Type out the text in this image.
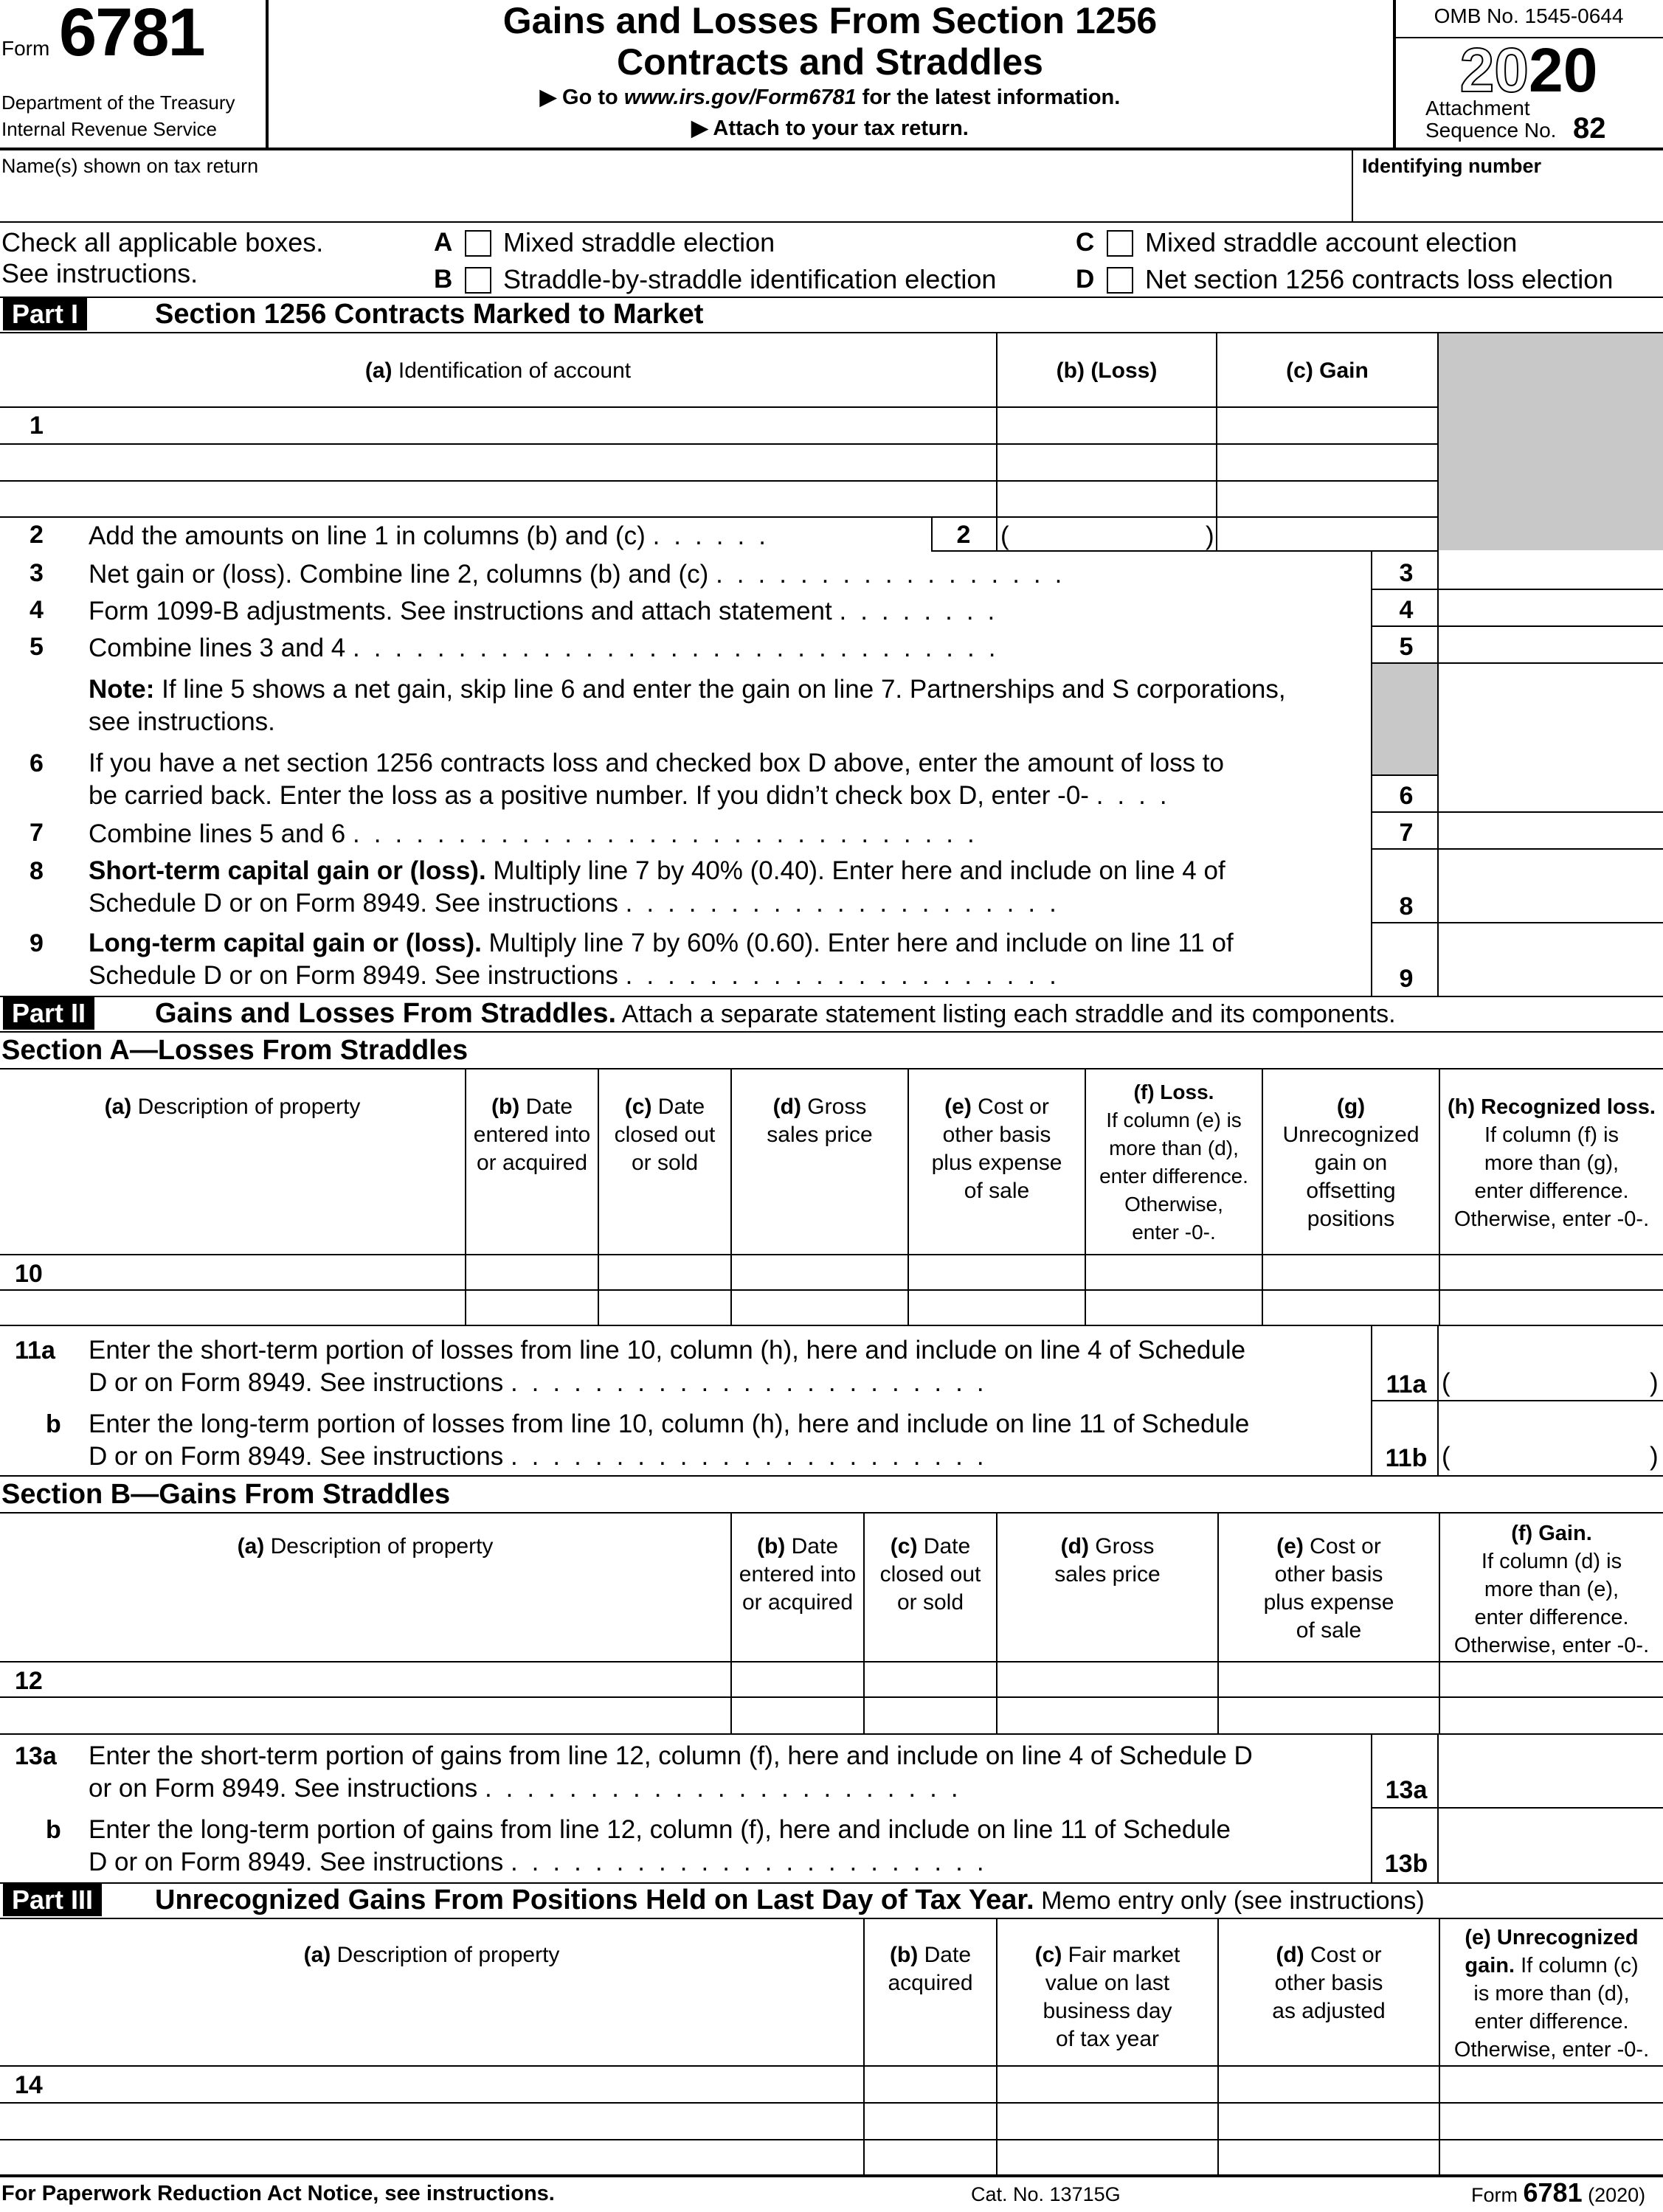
Form 6781
Department of the Treasury
Internal Revenue Service
Gains and Losses From Section 1256
Contracts and Straddles
▶ Go to www.irs.gov/Form6781 for the latest information.
▶ Attach to your tax return.
OMB No. 1545-0644
2020
Attachment
Sequence No. 82
Name(s) shown on tax return	Identifying number
Check all applicable boxes.
See instructions.
A Mixed straddle election
B Straddle-by-straddle identification election
C Mixed straddle account election
D Net section 1256 contracts loss election
Part I	Section 1256 Contracts Marked to Market
(a) Identification of account	(b) (Loss)	(c) Gain
1
2 Add the amounts on line 1 in columns (b) and (c) ......	2	(	)
3 Net gain or (loss). Combine line 2, columns (b) and (c) .................	3
4 Form 1099-B adjustments. See instructions and attach statement ........	4
5 Combine lines 3 and 4 ...............................	5
Note: If line 5 shows a net gain, skip line 6 and enter the gain on line 7. Partnerships and S corporations,
see instructions.
6 If you have a net section 1256 contracts loss and checked box D above, enter the amount of loss to
be carried back. Enter the loss as a positive number. If you didn’t check box D, enter -0- ....	6
7 Combine lines 5 and 6 ..............................	7
8 Short-term capital gain or (loss). Multiply line 7 by 40% (0.40). Enter here and include on line 4 of
Schedule D or on Form 8949. See instructions .....................	8
9 Long-term capital gain or (loss). Multiply line 7 by 60% (0.60). Enter here and include on line 11 of
Schedule D or on Form 8949. See instructions .....................	9
Part II	Gains and Losses From Straddles. Attach a separate statement listing each straddle and its components.
Section A—Losses From Straddles
(a) Description of property	(b) Date
entered into
or acquired
(c) Date
closed out
or sold
(d) Gross
sales price
(e) Cost or
other basis
plus expense
of sale
(f) Loss.
If column (e) is
more than (d),
enter difference.
Otherwise,
enter -0-.
(g)
Unrecognized
gain on
offsetting
positions
(h) Recognized loss.
If column (f) is
more than (g),
enter difference.
Otherwise, enter -0-.
10
11a Enter the short-term portion of losses from line 10, column (h), here and include on line 4 of Schedule
D or on Form 8949. See instructions .......................	11a (	)
b Enter the long-term portion of losses from line 10, column (h), here and include on line 11 of Schedule
D or on Form 8949. See instructions .......................	11b (	)
Section B—Gains From Straddles
(a) Description of property	(b) Date
entered into
or acquired
(c) Date
closed out
or sold
(d) Gross
sales price
(e) Cost or
other basis
plus expense
of sale
(f) Gain.
If column (d) is
more than (e),
enter difference.
Otherwise, enter -0-.
12
13a Enter the short-term portion of gains from line 12, column (f), here and include on line 4 of Schedule D
or on Form 8949. See instructions .......................	13a
b Enter the long-term portion of gains from line 12, column (f), here and include on line 11 of Schedule
D or on Form 8949. See instructions .......................	13b
Part III	Unrecognized Gains From Positions Held on Last Day of Tax Year. Memo entry only (see instructions)
(a) Description of property	(b) Date
acquired
(c) Fair market
value on last
business day
of tax year
(d) Cost or
other basis
as adjusted
(e) Unrecognized
gain. If column (c)
is more than (d),
enter difference.
Otherwise, enter -0-.
14
For Paperwork Reduction Act Notice, see instructions.	Cat. No. 13715G	Form 6781 (2020)
